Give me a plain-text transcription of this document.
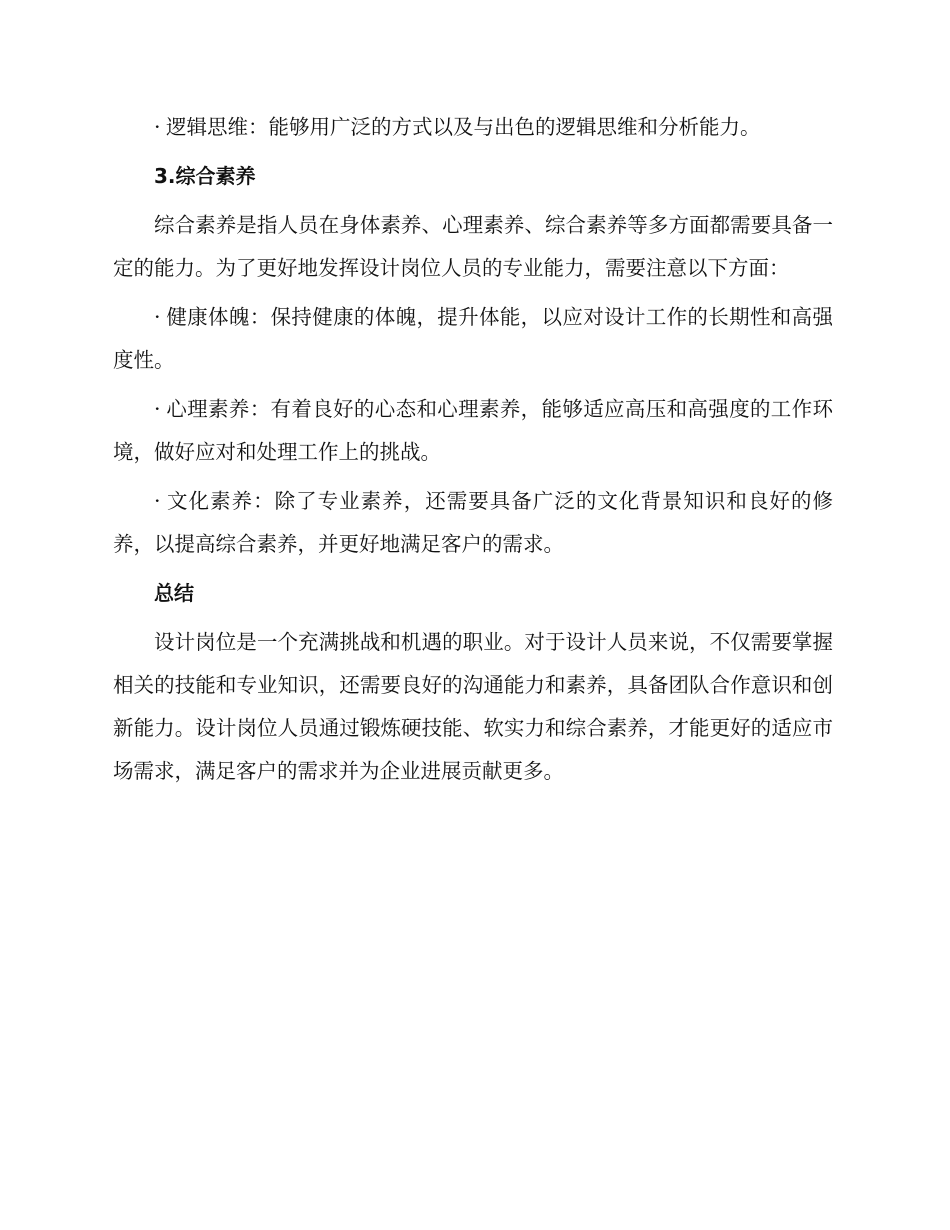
· 逻辑思维：能够用广泛的方式以及与出色的逻辑思维和分析能力。

3.综合素养

综合素养是指人员在身体素养、心理素养、综合素养等多方面都需要具备一定的能力。为了更好地发挥设计岗位人员的专业能力，需要注意以下方面：

· 健康体魄：保持健康的体魄，提升体能，以应对设计工作的长期性和高强度性。

· 心理素养：有着良好的心态和心理素养，能够适应高压和高强度的工作环境，做好应对和处理工作上的挑战。

· 文化素养：除了专业素养，还需要具备广泛的文化背景知识和良好的修养，以提高综合素养，并更好地满足客户的需求。

总结

设计岗位是一个充满挑战和机遇的职业。对于设计人员来说，不仅需要掌握相关的技能和专业知识，还需要良好的沟通能力和素养，具备团队合作意识和创新能力。设计岗位人员通过锻炼硬技能、软实力和综合素养，才能更好的适应市场需求，满足客户的需求并为企业进展贡献更多。
